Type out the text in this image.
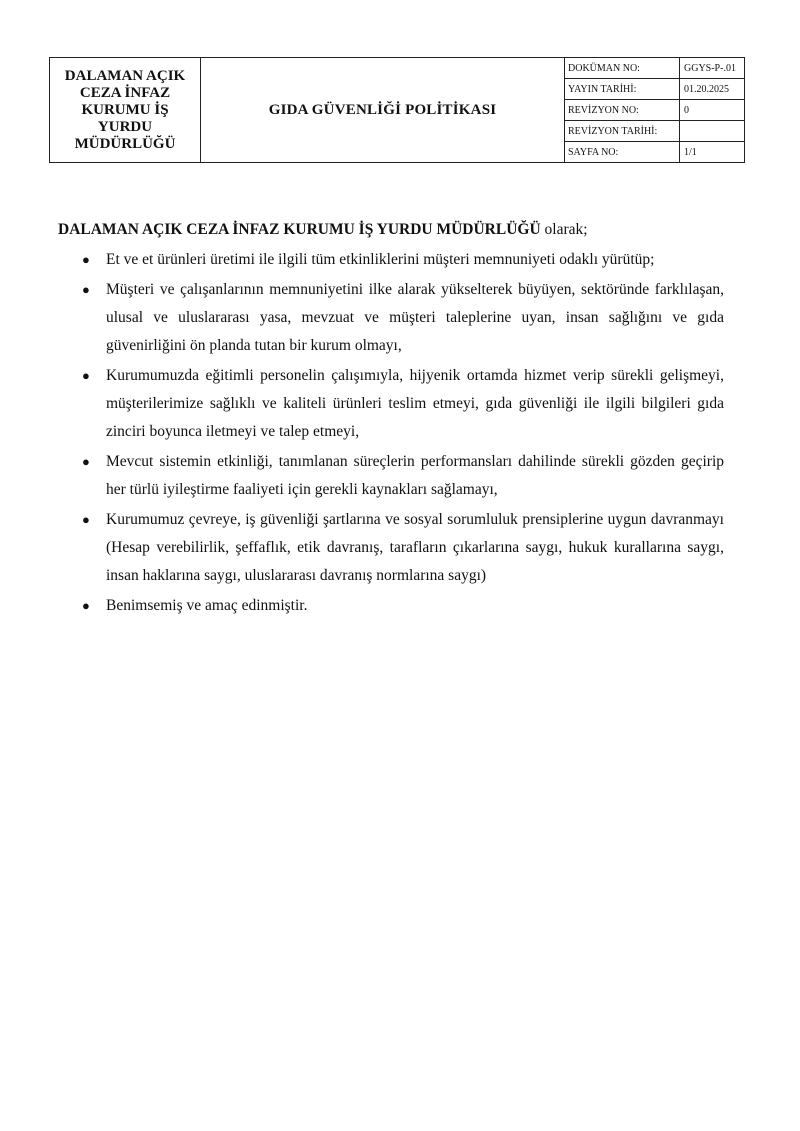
DALAMAN AÇIK
CEZA İNFAZ
KURUMU İŞ
YURDU
MÜDÜRLÜĞÜ	GIDA GÜVENLİĞİ POLİTİKASI	DOKÜMAN NO:	GGYS-P-.01
		YAYIN TARİHİ:	01.20.2025
		REVİZYON NO:	0
		REVİZYON TARİHİ:	
		SAYFA NO:	1/1

DALAMAN AÇIK CEZA İNFAZ KURUMU İŞ YURDU MÜDÜRLÜĞÜ olarak;

● Et ve et ürünleri üretimi ile ilgili tüm etkinliklerini müşteri memnuniyeti odaklı yürütüp;
● Müşteri ve çalışanlarının memnuniyetini ilke alarak yükselterek büyüyen, sektöründe farklılaşan, ulusal ve uluslararası yasa, mevzuat ve müşteri taleplerine uyan, insan sağlığını ve gıda güvenirliğini ön planda tutan bir kurum olmayı,
● Kurumumuzda eğitimli personelin çalışımıyla, hijyenik ortamda hizmet verip sürekli gelişmeyi, müşterilerimize sağlıklı ve kaliteli ürünleri teslim etmeyi, gıda güvenliği ile ilgili bilgileri gıda zinciri boyunca iletmeyi ve talep etmeyi,
● Mevcut sistemin etkinliği, tanımlanan süreçlerin performansları dahilinde sürekli gözden geçirip her türlü iyileştirme faaliyeti için gerekli kaynakları sağlamayı,
● Kurumumuz çevreye, iş güvenliği şartlarına ve sosyal sorumluluk prensiplerine uygun davranmayı (Hesap verebilirlik, şeffaflık, etik davranış, tarafların çıkarlarına saygı, hukuk kurallarına saygı, insan haklarına saygı, uluslararası davranış normlarına saygı)
● Benimsemiş ve amaç edinmiştir.
